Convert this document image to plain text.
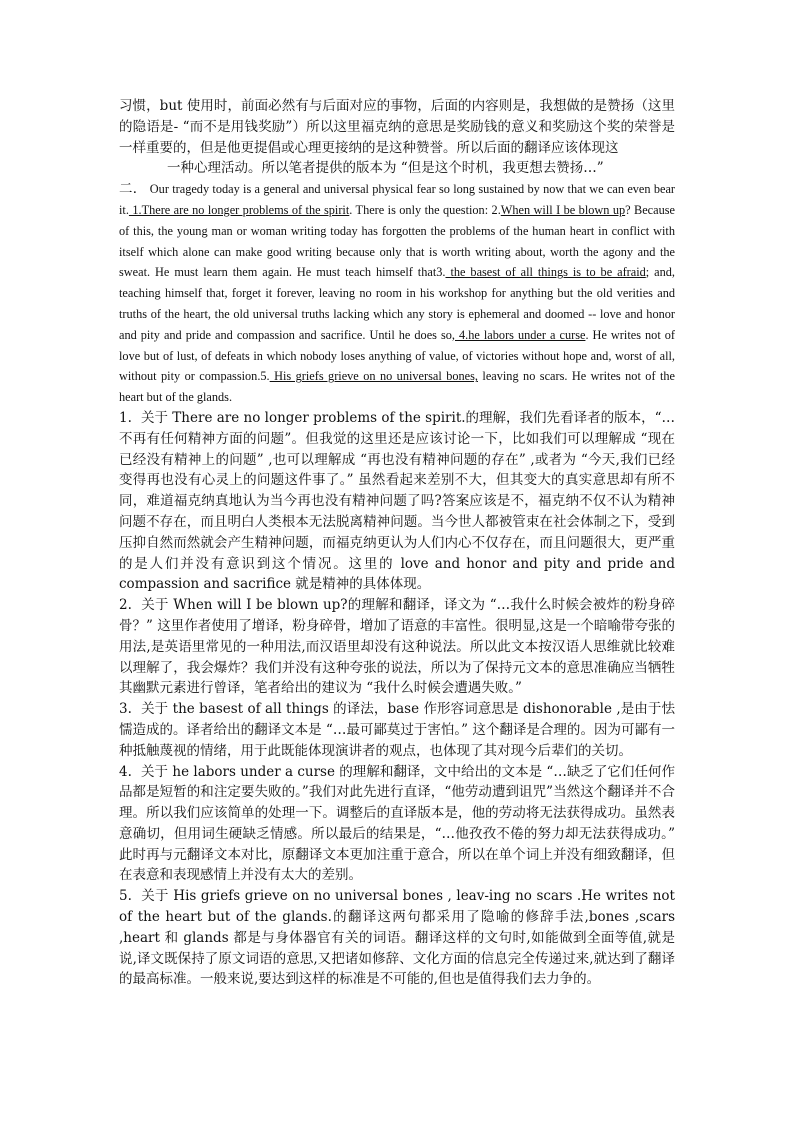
习惯，but 使用时，前面必然有与后面对应的事物，后面的内容则是，我想做的是赞扬（这里的隐语是- “而不是用钱奖励”）所以这里福克纳的意思是奖励钱的意义和奖励这个奖的荣誉是一样重要的，但是他更提倡或心理更接纳的是这种赞誉。所以后面的翻译应该体现这
一种心理活动。所以笔者提供的版本为 “但是这个时机，我更想去赞扬…”

二． Our tragedy today is a general and universal physical fear so long sustained by now that we can even bear it. 1.There are no longer problems of the spirit. There is only the question: 2.When will I be blown up? Because of this, the young man or woman writing today has forgotten the problems of the human heart in conflict with itself which alone can make good writing because only that is worth writing about, worth the agony and the sweat. He must learn them again. He must teach himself that3. the basest of all things is to be afraid; and, teaching himself that, forget it forever, leaving no room in his workshop for anything but the old verities and truths of the heart, the old universal truths lacking which any story is ephemeral and doomed -- love and honor and pity and pride and compassion and sacrifice. Until he does so, 4.he labors under a curse. He writes not of love but of lust, of defeats in which nobody loses anything of value, of victories without hope and, worst of all, without pity or compassion.5. His griefs grieve on no universal bones, leaving no scars. He writes not of the heart but of the glands.

1. 关于 There are no longer problems of the spirit.的理解，我们先看译者的版本，“…不再有任何精神方面的问题”。但我觉的这里还是应该讨论一下，比如我们可以理解成 “现在已经没有精神上的问题” ,也可以理解成 “再也没有精神问题的存在” ,或者为 “今天,我们已经变得再也没有心灵上的问题这件事了。” 虽然看起来差别不大，但其变大的真实意思却有所不同，难道福克纳真地认为当今再也没有精神问题了吗?答案应该是不，福克纳不仅不认为精神问题不存在，而且明白人类根本无法脱离精神问题。当今世人都被管束在社会体制之下，受到压抑自然而然就会产生精神问题，而福克纳更认为人们内心不仅存在，而且问题很大，更严重的是人们并没有意识到这个情况。这里的 love and honor and pity and pride and compassion and sacrifice 就是精神的具体体现。

2. 关于 When will I be blown up?的理解和翻译，译文为 “…我什么时候会被炸的粉身碎骨？” 这里作者使用了增译，粉身碎骨，增加了语意的丰富性。很明显,这是一个暗喻带夸张的用法,是英语里常见的一种用法,而汉语里却没有这种说法。所以此文本按汉语人思维就比较难以理解了，我会爆炸？我们并没有这种夸张的说法，所以为了保持元文本的意思准确应当牺牲其幽默元素进行曾译，笔者给出的建议为 “我什么时候会遭遇失败。”

3. 关于 the basest of all things 的译法，base 作形容词意思是 dishonorable ,是由于怯懦造成的。译者给出的翻译文本是 “…最可鄙莫过于害怕。” 这个翻译是合理的。因为可鄙有一种抵触蔑视的情绪，用于此既能体现演讲者的观点，也体现了其对现今后辈们的关切。

4. 关于 he labors under a curse 的理解和翻译，文中给出的文本是 “…缺乏了它们任何作品都是短暂的和注定要失败的。”我们对此先进行直译，“他劳动遭到诅咒”当然这个翻译并不合理。所以我们应该简单的处理一下。调整后的直译版本是，他的劳动将无法获得成功。虽然表意确切，但用词生硬缺乏情感。所以最后的结果是，“…他孜孜不倦的努力却无法获得成功。” 此时再与元翻译文本对比，原翻译文本更加注重于意合，所以在单个词上并没有细致翻译，但在表意和表现感情上并没有太大的差别。

5. 关于 His griefs grieve on no universal bones , leav-ing no scars .He writes not of the heart but of the glands.的翻译这两句都采用了隐喻的修辞手法,bones ,scars ,heart 和 glands 都是与身体器官有关的词语。翻译这样的文句时,如能做到全面等值,就是说,译文既保持了原文词语的意思,又把诸如修辞、文化方面的信息完全传递过来,就达到了翻译的最高标准。一般来说,要达到这样的标准是不可能的,但也是值得我们去力争的。
